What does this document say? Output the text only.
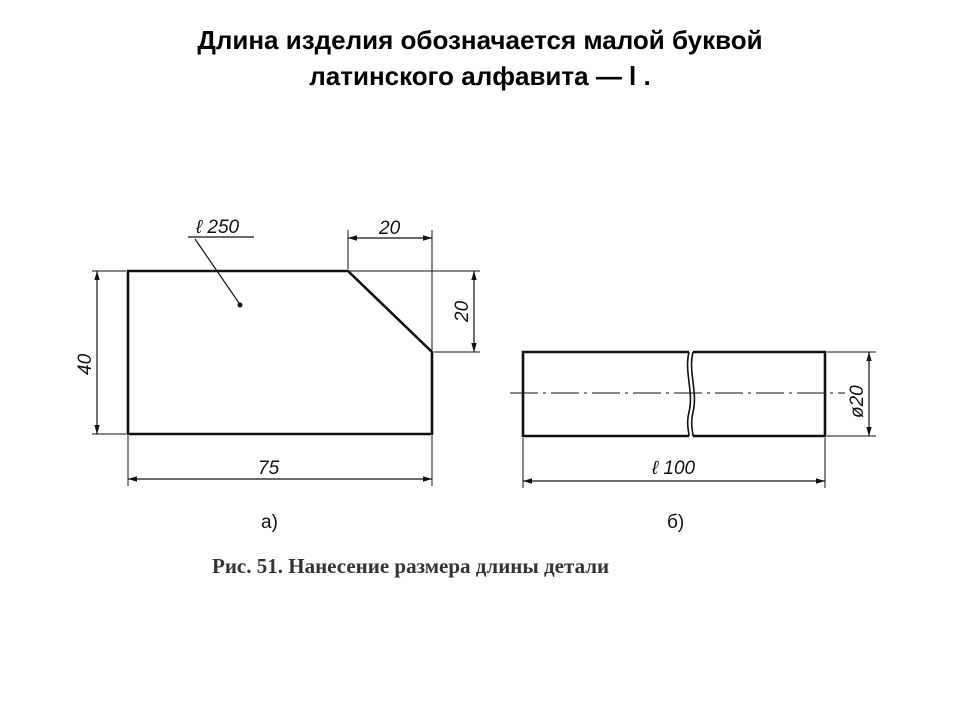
Длина изделия обозначается малой буквой
латинского алфавита — l .
ℓ 250	20
20
40
75
а)
ø20
ℓ 100
б)
Рис. 51. Нанесение размера длины детали
